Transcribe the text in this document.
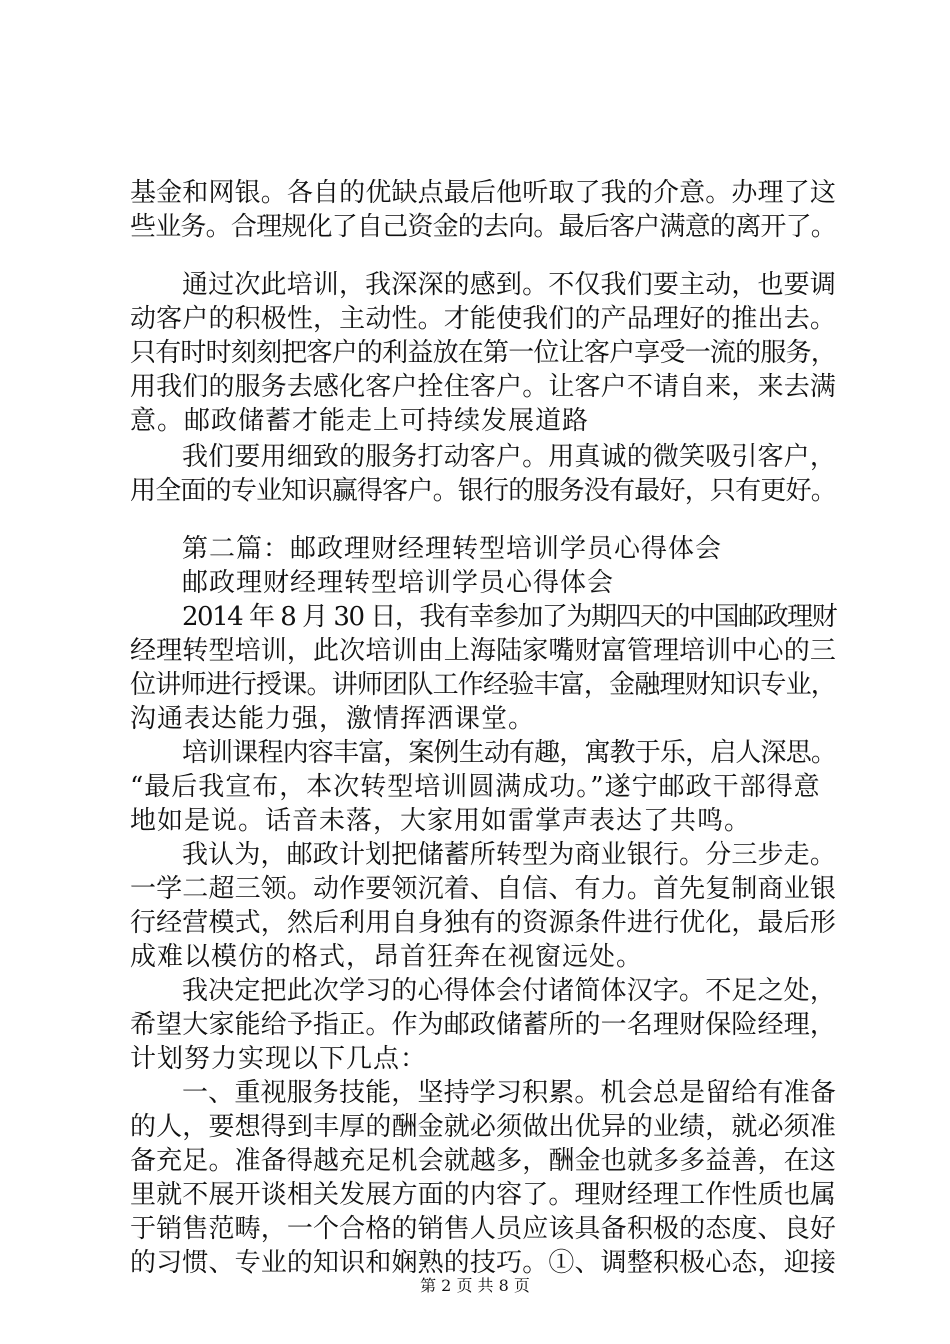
基金和网银。各自的优缺点最后他听取了我的介意。办理了这
些业务。合理规化了自己资金的去向。最后客户满意的离开了。
通过次此培训，我深深的感到。不仅我们要主动，也要调
动客户的积极性，主动性。才能使我们的产品理好的推出去。
只有时时刻刻把客户的利益放在第一位让客户享受一流的服务，
用我们的服务去感化客户拴住客户。让客户不请自来，来去满
意。邮政储蓄才能走上可持续发展道路
我们要用细致的服务打动客户。用真诚的微笑吸引客户，
用全面的专业知识赢得客户。银行的服务没有最好，只有更好。
第二篇：邮政理财经理转型培训学员心得体会
邮政理财经理转型培训学员心得体会
2014 年 8 月 30 日，我有幸参加了为期四天的中国邮政理财
经理转型培训，此次培训由上海陆家嘴财富管理培训中心的三
位讲师进行授课。讲师团队工作经验丰富，金融理财知识专业，
沟通表达能力强，激情挥洒课堂。
培训课程内容丰富，案例生动有趣，寓教于乐，启人深思。
“最后我宣布，本次转型培训圆满成功。”遂宁邮政干部得意
地如是说。话音未落，大家用如雷掌声表达了共鸣。
我认为，邮政计划把储蓄所转型为商业银行。分三步走。
一学二超三领。动作要领沉着、自信、有力。首先复制商业银
行经营模式，然后利用自身独有的资源条件进行优化，最后形
成难以模仿的格式，昂首狂奔在视窗远处。
我决定把此次学习的心得体会付诸简体汉字。不足之处，
希望大家能给予指正。作为邮政储蓄所的一名理财保险经理，
计划努力实现以下几点：
一、重视服务技能，坚持学习积累。机会总是留给有准备
的人，要想得到丰厚的酬金就必须做出优异的业绩，就必须准
备充足。准备得越充足机会就越多，酬金也就多多益善，在这
里就不展开谈相关发展方面的内容了。理财经理工作性质也属
于销售范畴，一个合格的销售人员应该具备积极的态度、良好
的习惯、专业的知识和娴熟的技巧。①、调整积极心态，迎接
第 2 页 共 8 页
